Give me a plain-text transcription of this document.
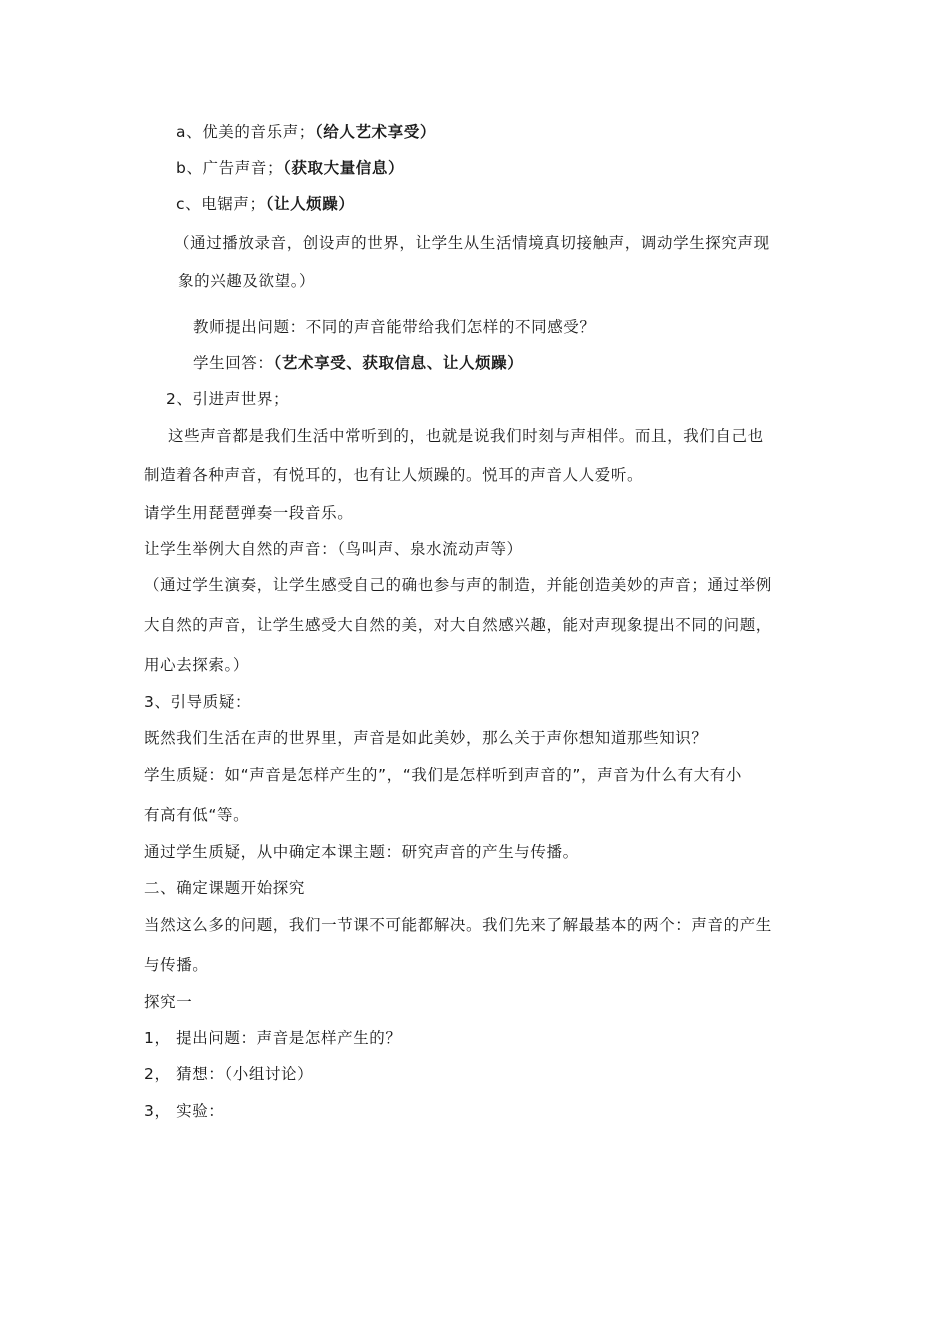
a、优美的音乐声；（给人艺术享受）
b、广告声音；（获取大量信息）
c、电锯声；（让人烦躁）
（通过播放录音，创设声的世界，让学生从生活情境真切接触声，调动学生探究声现
象的兴趣及欲望。）
教师提出问题：不同的声音能带给我们怎样的不同感受？
学生回答：（艺术享受、获取信息、让人烦躁）
2、引进声世界；
这些声音都是我们生活中常听到的，也就是说我们时刻与声相伴。而且，我们自己也
制造着各种声音，有悦耳的，也有让人烦躁的。悦耳的声音人人爱听。
请学生用琵琶弹奏一段音乐。
让学生举例大自然的声音：（鸟叫声、泉水流动声等）
（通过学生演奏，让学生感受自己的确也参与声的制造，并能创造美妙的声音；通过举例
大自然的声音，让学生感受大自然的美，对大自然感兴趣，能对声现象提出不同的问题，
用心去探索。）
3、引导质疑：
既然我们生活在声的世界里，声音是如此美妙，那么关于声你想知道那些知识？
学生质疑：如“声音是怎样产生的”，“我们是怎样听到声音的”，声音为什么有大有小
有高有低“等。
通过学生质疑，从中确定本课主题：研究声音的产生与传播。
二、确定课题开始探究
当然这么多的问题，我们一节课不可能都解决。我们先来了解最基本的两个：声音的产生
与传播。
探究一
1， 提出问题：声音是怎样产生的？
2， 猜想：（小组讨论）
3， 实验：
